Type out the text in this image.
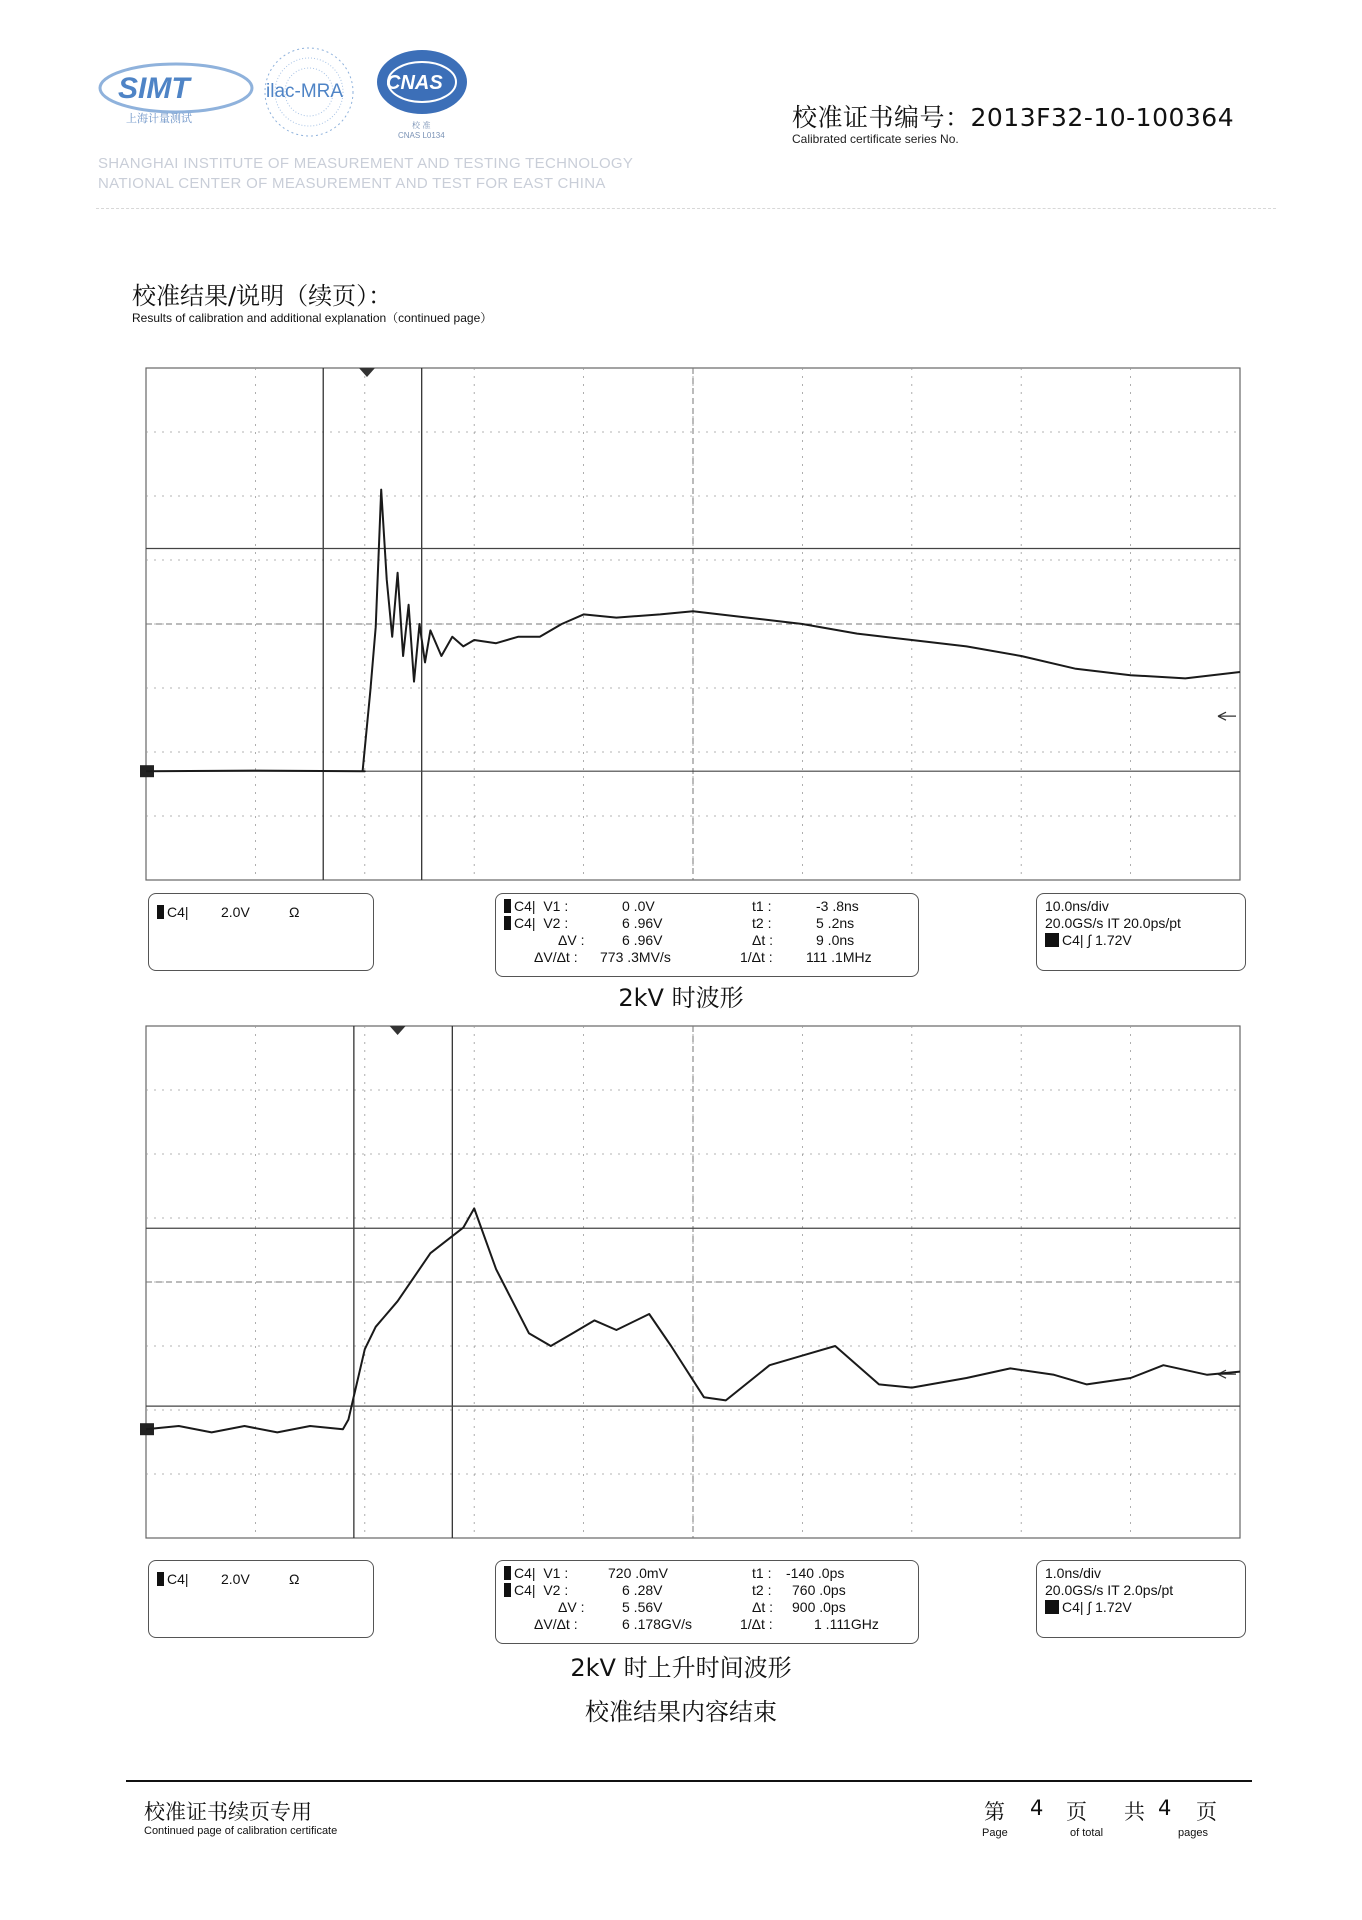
SIMT
上海计量测试
ilac-MRA CNAS
校 准
CNAS L0134
SHANGHAI INSTITUTE OF MEASUREMENT AND TESTING TECHNOLOGY
NATIONAL CENTER OF MEASUREMENT AND TEST FOR EAST CHINA
校准证书编号：2013F32-10-100364
Calibrated certificate series No.
校准结果/说明（续页）：
Results of calibration and additional explanation（continued page）
C4| 2.0V	Ω	C4|  V1 :	0 .0V	t1 :	-3 .8ns
C4|  V2 :	6 .96V	t2 :	5 .2ns
ΔV :	6 .96V	Δt :	9 .0ns
ΔV/Δt : 773 .3MV/s	1/Δt : 111 .1MHz
10.0ns/div
20.0GS/s IT 20.0ps/pt
C4| ∫ 1.72V
2kV 时波形
C4| 2.0V	Ω	C4|  V1 :	720 .0mV	t1 : -140 .0ps
C4|  V2 :	6 .28V	t2 : 760 .0ps
ΔV :	5 .56V	Δt : 900 .0ps
ΔV/Δt :	6 .178GV/s	1/Δt :	1 .111GHz
1.0ns/div
20.0GS/s IT 2.0ps/pt
C4| ∫ 1.72V
2kV 时上升时间波形
校准结果内容结束
校准证书续页专用
Continued page of calibration certificate
第 4 页 共 4 页
Page	of total	pages
